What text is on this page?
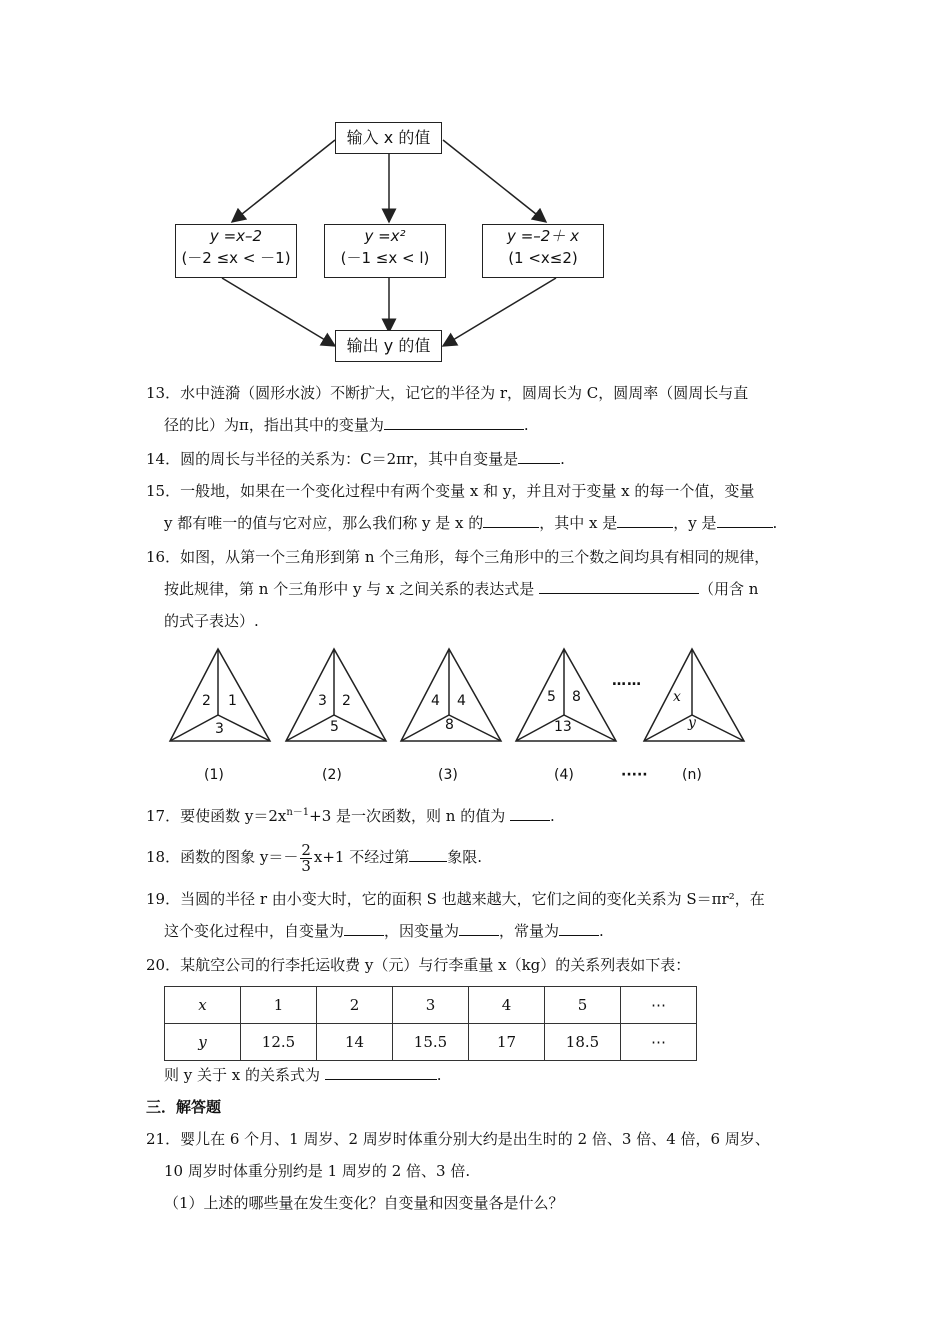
输入 x 的值
y =x–2
(－2 ≤x < －1)
y =x²
(－1 ≤x < l)
y =–2＋ x
(1 <x≤2)
输出 y 的值
13．水中涟漪（圆形水波）不断扩大，记它的半径为 r，圆周长为 C，圆周率（圆周长与直
径的比）为π，指出其中的变量为	.
14．圆的周长与半径的关系为：C＝2πr，其中自变量是	.
15．一般地，如果在一个变化过程中有两个变量 x 和 y，并且对于变量 x 的每一个值，变量
y 都有唯一的值与它对应，那么我们称 y 是 x 的	，其中 x 是	，y 是	.
16．如图，从第一个三角形到第 n 个三角形，每个三角形中的三个数之间均具有相同的规律，
按此规律，第 n 个三角形中 y 与 x 之间关系的表达式是	（用含 n
的式子表达）.
2 1
3
3 2
5
4 4
8
5 8
13
……
x
y
(1)	(2)	(3)	(4)	····· (n)
17．要使函数 $y=2x^{n-1}+3$ 是一次函数，则 n 的值为	.
18．函数的图象 $y=- \frac{2}{3} x+1$ 不经过第	象限.
19．当圆的半径 r 由小变大时，它的面积 S 也越来越大，它们之间的变化关系为 S＝πr²，在
这个变化过程中，自变量为	，因变量为	，常量为	.
20．某航空公司的行李托运收费 y（元）与行李重量 x（kg）的关系列表如下表：
x	1	2	3	4	5	⋯
y	12.5	14	15.5	17	18.5	⋯
则 y 关于 x 的关系式为	.
三．解答题
21．婴儿在 6 个月、1 周岁、2 周岁时体重分别大约是出生时的 2 倍、3 倍、4 倍，6 周岁、
10 周岁时体重分别约是 1 周岁的 2 倍、3 倍.
（1）上述的哪些量在发生变化？自变量和因变量各是什么？
